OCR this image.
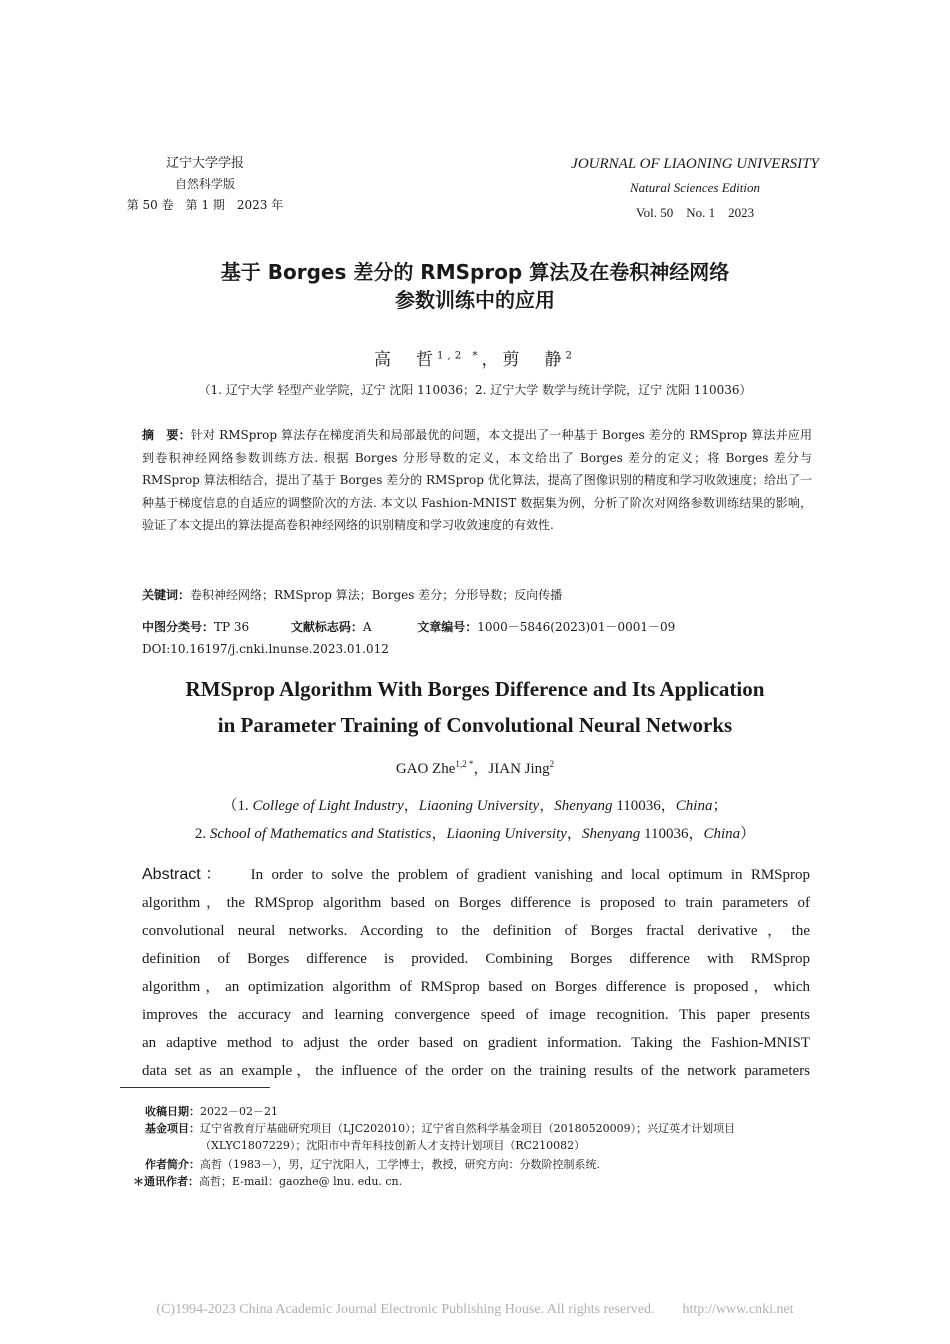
辽宁大学学报
自然科学版
第 50 卷　第 1 期　2023 年
JOURNAL OF LIAONING UNIVERSITY
Natural Sciences Edition
Vol. 50　No. 1　2023
基于 Borges 差分的 RMSprop 算法及在卷积神经网络
参数训练中的应用
高　哲$^{1,2 *}$，剪　静$^2$
（1. 辽宁大学 轻型产业学院，辽宁 沈阳 110036；2. 辽宁大学 数学与统计学院，辽宁 沈阳 110036）
摘　要：针对 RMSprop 算法存在梯度消失和局部最优的问题，本文提出了一种基于 Borges 差分的 RMSprop 算法并应用到卷积神经网络参数训练方法. 根据 Borges 分形导数的定义，本文给出了 Borges 差分的定义；将 Borges 差分与 RMSprop 算法相结合，提出了基于 Borges 差分的 RMSprop 优化算法，提高了图像识别的精度和学习收敛速度；给出了一种基于梯度信息的自适应的调整阶次的方法. 本文以 Fashion-MNIST 数据集为例，分析了阶次对网络参数训练结果的影响，验证了本文提出的算法提高卷积神经网络的识别精度和学习收敛速度的有效性.
关键词：卷积神经网络；RMSprop 算法；Borges 差分；分形导数；反向传播
中图分类号：TP 36	文献标志码：A	文章编号：1000－5846(2023)01－0001－09
DOI:10.16197/j.cnki.lnunse.2023.01.012
RMSprop Algorithm With Borges Difference and Its Application
in Parameter Training of Convolutional Neural Networks
GAO Zhe$^{1,2 *}$，JIAN Jing$^2$
（1. College of Light Industry，Liaoning University，Shenyang 110036，China；
2. School of Mathematics and Statistics，Liaoning University，Shenyang 110036，China）
Abstract： In order to solve the problem of gradient vanishing and local optimum in RMSprop
algorithm，the RMSprop algorithm based on Borges difference is proposed to train parameters of
convolutional neural networks. According to the definition of Borges fractal derivative，the
definition of Borges difference is provided. Combining Borges difference with RMSprop
algorithm，an optimization algorithm of RMSprop based on Borges difference is proposed，which
improves the accuracy and learning convergence speed of image recognition. This paper presents
an adaptive method to adjust the order based on gradient information. Taking the Fashion-MNIST
data set as an example，the influence of the order on the training results of the network parameters
收稿日期：2022－02－21
基金项目：辽宁省教育厅基础研究项目（LJC202010）；辽宁省自然科学基金项目（20180520009）；兴辽英才计划项目
（XLYC1807229）；沈阳市中青年科技创新人才支持计划项目（RC210082）
作者简介：高哲（1983－），男，辽宁沈阳人，工学博士，教授，研究方向：分数阶控制系统.
＊通讯作者：高哲；E-mail：gaozhe@ lnu. edu. cn.
(C)1994-2023 China Academic Journal Electronic Publishing House. All rights reserved.　　http://www.cnki.net
